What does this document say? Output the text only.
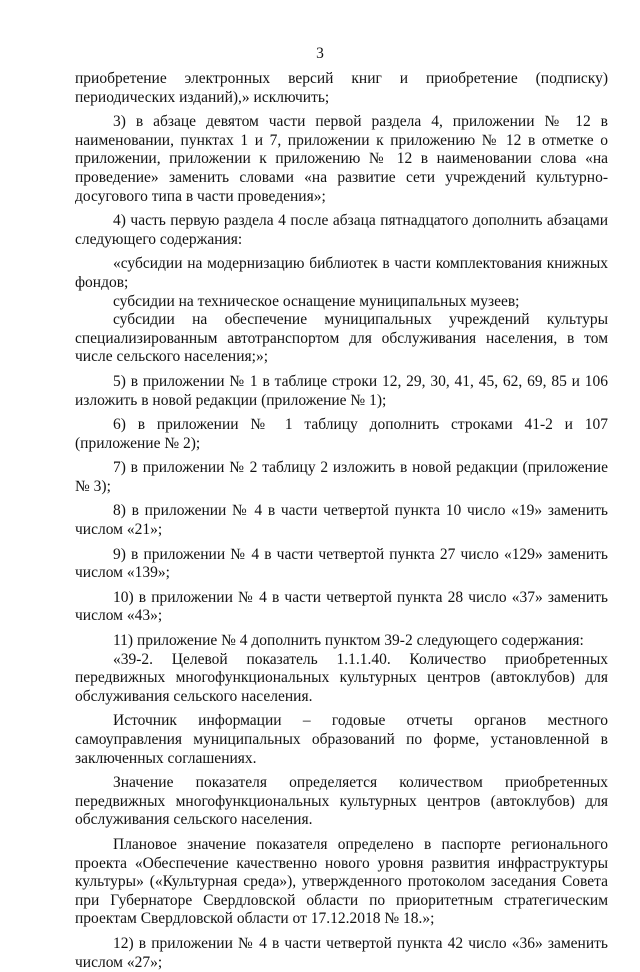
3

приобретение электронных версий книг и приобретение (подписку) периодических изданий),» исключить;

3) в абзаце девятом части первой раздела 4, приложении № 12 в наименовании, пунктах 1 и 7, приложении к приложению № 12 в отметке о приложении, приложении к приложению № 12 в наименовании слова «на проведение» заменить словами «на развитие сети учреждений культурно-досугового типа в части проведения»;

4) часть первую раздела 4 после абзаца пятнадцатого дополнить абзацами следующего содержания:

«субсидии на модернизацию библиотек в части комплектования книжных фондов;

субсидии на техническое оснащение муниципальных музеев;

субсидии на обеспечение муниципальных учреждений культуры специализированным автотранспортом для обслуживания населения, в том числе сельского населения;»;

5) в приложении № 1 в таблице строки 12, 29, 30, 41, 45, 62, 69, 85 и 106 изложить в новой редакции (приложение № 1);

6) в приложении № 1 таблицу дополнить строками 41-2 и 107 (приложение № 2);

7) в приложении № 2 таблицу 2 изложить в новой редакции (приложение № 3);

8) в приложении № 4 в части четвертой пункта 10 число «19» заменить числом «21»;

9) в приложении № 4 в части четвертой пункта 27 число «129» заменить числом «139»;

10) в приложении № 4 в части четвертой пункта 28 число «37» заменить числом «43»;

11) приложение № 4 дополнить пунктом 39-2 следующего содержания:

«39-2. Целевой показатель 1.1.1.40. Количество приобретенных передвижных многофункциональных культурных центров (автоклубов) для обслуживания сельского населения.

Источник информации – годовые отчеты органов местного самоуправления муниципальных образований по форме, установленной в заключенных соглашениях.

Значение показателя определяется количеством приобретенных передвижных многофункциональных культурных центров (автоклубов) для обслуживания сельского населения.

Плановое значение показателя определено в паспорте регионального проекта «Обеспечение качественно нового уровня развития инфраструктуры культуры» («Культурная среда»), утвержденного протоколом заседания Совета при Губернаторе Свердловской области по приоритетным стратегическим проектам Свердловской области от 17.12.2018 № 18.»;

12) в приложении № 4 в части четвертой пункта 42 число «36» заменить числом «27»;
